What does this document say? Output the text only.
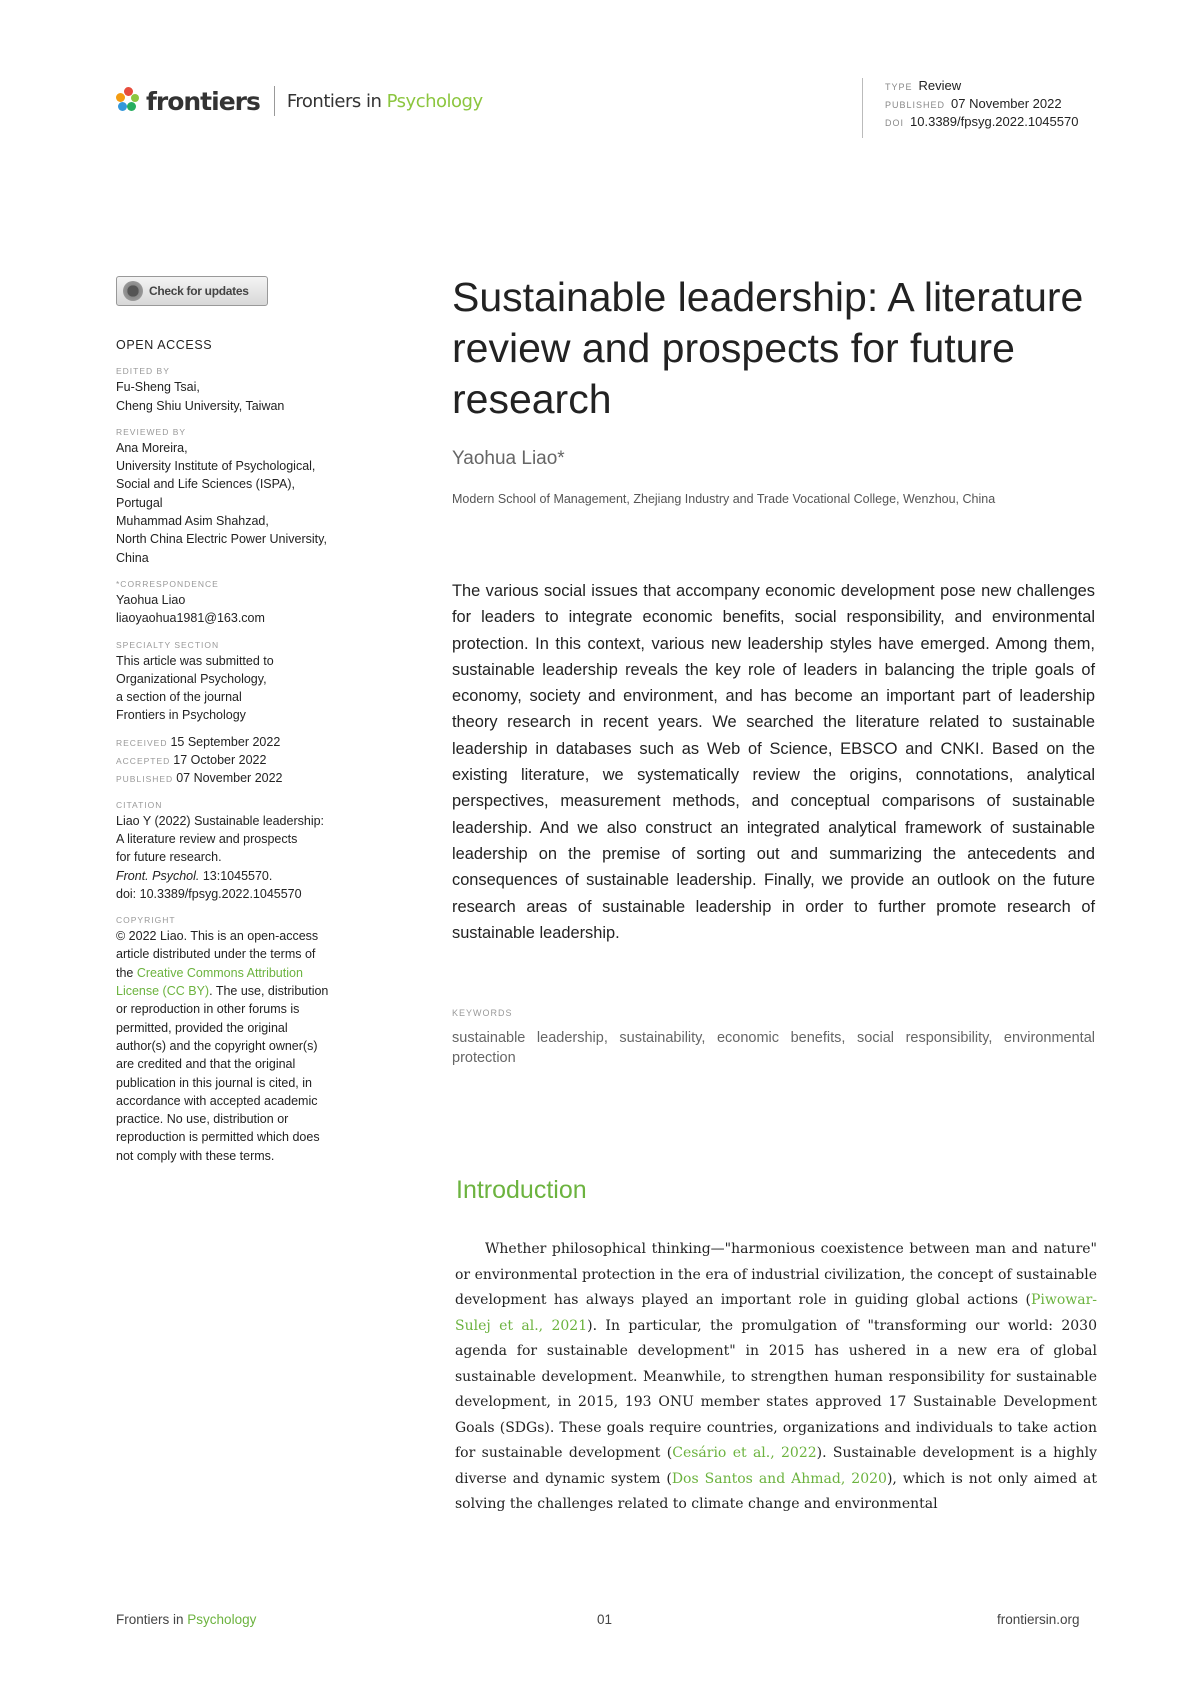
frontiers Frontiers in Psychology
TYPE Review
PUBLISHED 07 November 2022
DOI 10.3389/fpsyg.2022.1045570
Check for updates
OPEN ACCESS
EDITED BY
Fu-Sheng Tsai,
Cheng Shiu University, Taiwan
REVIEWED BY
Ana Moreira,
University Institute of Psychological,
Social and Life Sciences (ISPA),
Portugal
Muhammad Asim Shahzad,
North China Electric Power University,
China
*CORRESPONDENCE
Yaohua Liao
liaoyaohua1981@163.com
SPECIALTY SECTION
This article was submitted to
Organizational Psychology,
a section of the journal
Frontiers in Psychology
RECEIVED 15 September 2022
ACCEPTED 17 October 2022
PUBLISHED 07 November 2022
CITATION
Liao Y (2022) Sustainable leadership:
A literature review and prospects
for future research.
Front. Psychol. 13:1045570.
doi: 10.3389/fpsyg.2022.1045570
COPYRIGHT
© 2022 Liao. This is an open-access
article distributed under the terms of
the Creative Commons Attribution
License (CC BY). The use, distribution
or reproduction in other forums is
permitted, provided the original
author(s) and the copyright owner(s)
are credited and that the original
publication in this journal is cited, in
accordance with accepted academic
practice. No use, distribution or
reproduction is permitted which does
not comply with these terms.
Sustainable leadership: A literature review and prospects for future research
Yaohua Liao*
Modern School of Management, Zhejiang Industry and Trade Vocational College, Wenzhou, China

The various social issues that accompany economic development pose new challenges for leaders to integrate economic benefits, social responsibility, and environmental protection. In this context, various new leadership styles have emerged. Among them, sustainable leadership reveals the key role of leaders in balancing the triple goals of economy, society and environment, and has become an important part of leadership theory research in recent years. We searched the literature related to sustainable leadership in databases such as Web of Science, EBSCO and CNKI. Based on the existing literature, we systematically review the origins, connotations, analytical perspectives, measurement methods, and conceptual comparisons of sustainable leadership. And we also construct an integrated analytical framework of sustainable leadership on the premise of sorting out and summarizing the antecedents and consequences of sustainable leadership. Finally, we provide an outlook on the future research areas of sustainable leadership in order to further promote research of sustainable leadership.

KEYWORDS

sustainable leadership, sustainability, economic benefits, social responsibility, environmental protection

Introduction

Whether philosophical thinking—"harmonious coexistence between man and nature" or environmental protection in the era of industrial civilization, the concept of sustainable development has always played an important role in guiding global actions (Piwowar-Sulej et al., 2021). In particular, the promulgation of "transforming our world: 2030 agenda for sustainable development" in 2015 has ushered in a new era of global sustainable development. Meanwhile, to strengthen human responsibility for sustainable development, in 2015, 193 ONU member states approved 17 Sustainable Development Goals (SDGs). These goals require countries, organizations and individuals to take action for sustainable development (Cesário et al., 2022). Sustainable development is a highly diverse and dynamic system (Dos Santos and Ahmad, 2020), which is not only aimed at solving the challenges related to climate change and environmental

Frontiers in Psychology	01	frontiersin.org
